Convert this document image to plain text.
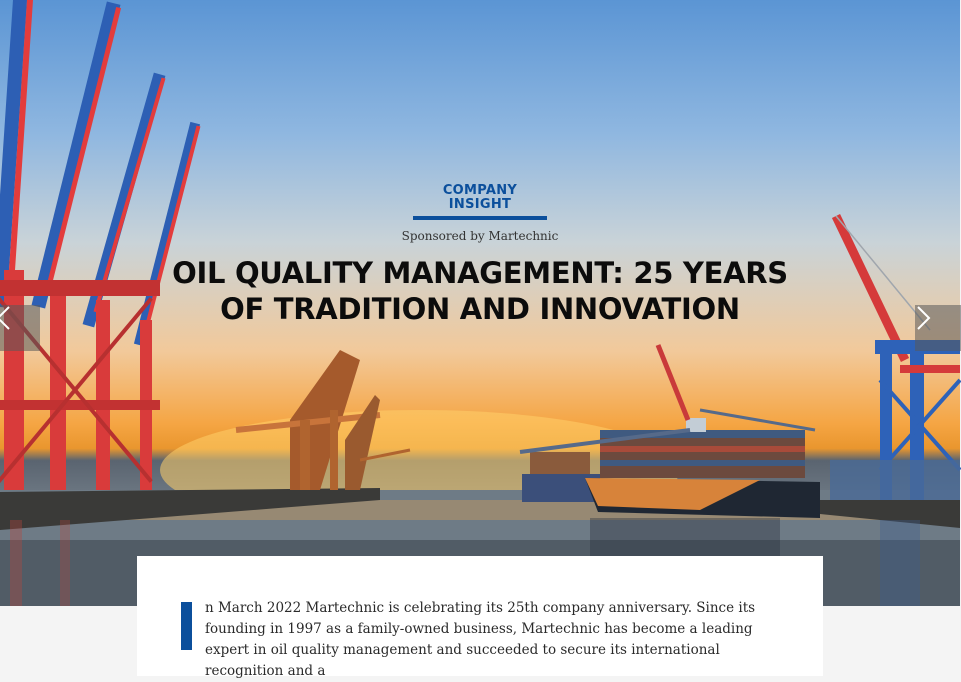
COMPANY INSIGHT
Sponsored by Martechnic
OIL QUALITY MANAGEMENT: 25 YEARS OF TRADITION AND INNOVATION

n March 2022 Martechnic is celebrating its 25th company anniversary. Since its founding in 1997 as a family-owned business, Martechnic has become a leading expert in oil quality management and succeeded to secure its international recognition and a
